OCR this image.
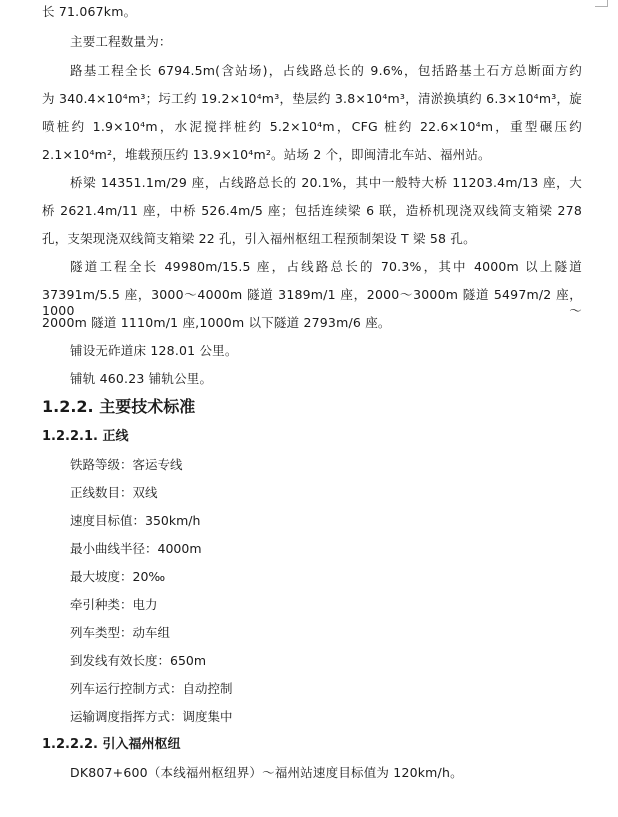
长 71.067km。
主要工程数量为：
路基工程全长 6794.5m(含站场)，占线路总长的 9.6%，包括路基土石方总断面方约
为 340.4×10⁴m³；圬工约 19.2×10⁴m³，垫层约 3.8×10⁴m³，清淤换填约 6.3×10⁴m³，旋
喷桩约 1.9×10⁴m，水泥搅拌桩约 5.2×10⁴m，CFG 桩约 22.6×10⁴m，重型碾压约
2.1×10⁴m²，堆载预压约 13.9×10⁴m²。站场 2 个，即闽清北车站、福州站。
桥梁 14351.1m/29 座，占线路总长的 20.1%，其中一般特大桥 11203.4m/13 座，大
桥 2621.4m/11 座，中桥 526.4m/5 座；包括连续梁 6 联，造桥机现浇双线简支箱梁 278
孔，支架现浇双线简支箱梁 22 孔，引入福州枢纽工程预制架设 T 梁 58 孔。
隧道工程全长 49980m/15.5 座，占线路总长的 70.3%，其中 4000m 以上隧道
37391m/5.5 座，3000～4000m 隧道 3189m/1 座，2000～3000m 隧道 5497m/2 座，1000～
2000m 隧道 1110m/1 座,1000m 以下隧道 2793m/6 座。
铺设无砟道床 128.01 公里。
铺轨 460.23 铺轨公里。
1.2.2. 主要技术标准
1.2.2.1. 正线
铁路等级：客运专线
正线数目：双线
速度目标值：350km/h
最小曲线半径：4000m
最大坡度：20‰
牵引种类：电力
列车类型：动车组
到发线有效长度：650m
列车运行控制方式：自动控制
运输调度指挥方式：调度集中
1.2.2.2. 引入福州枢纽
DK807+600（本线福州枢纽界）～福州站速度目标值为 120km/h。
